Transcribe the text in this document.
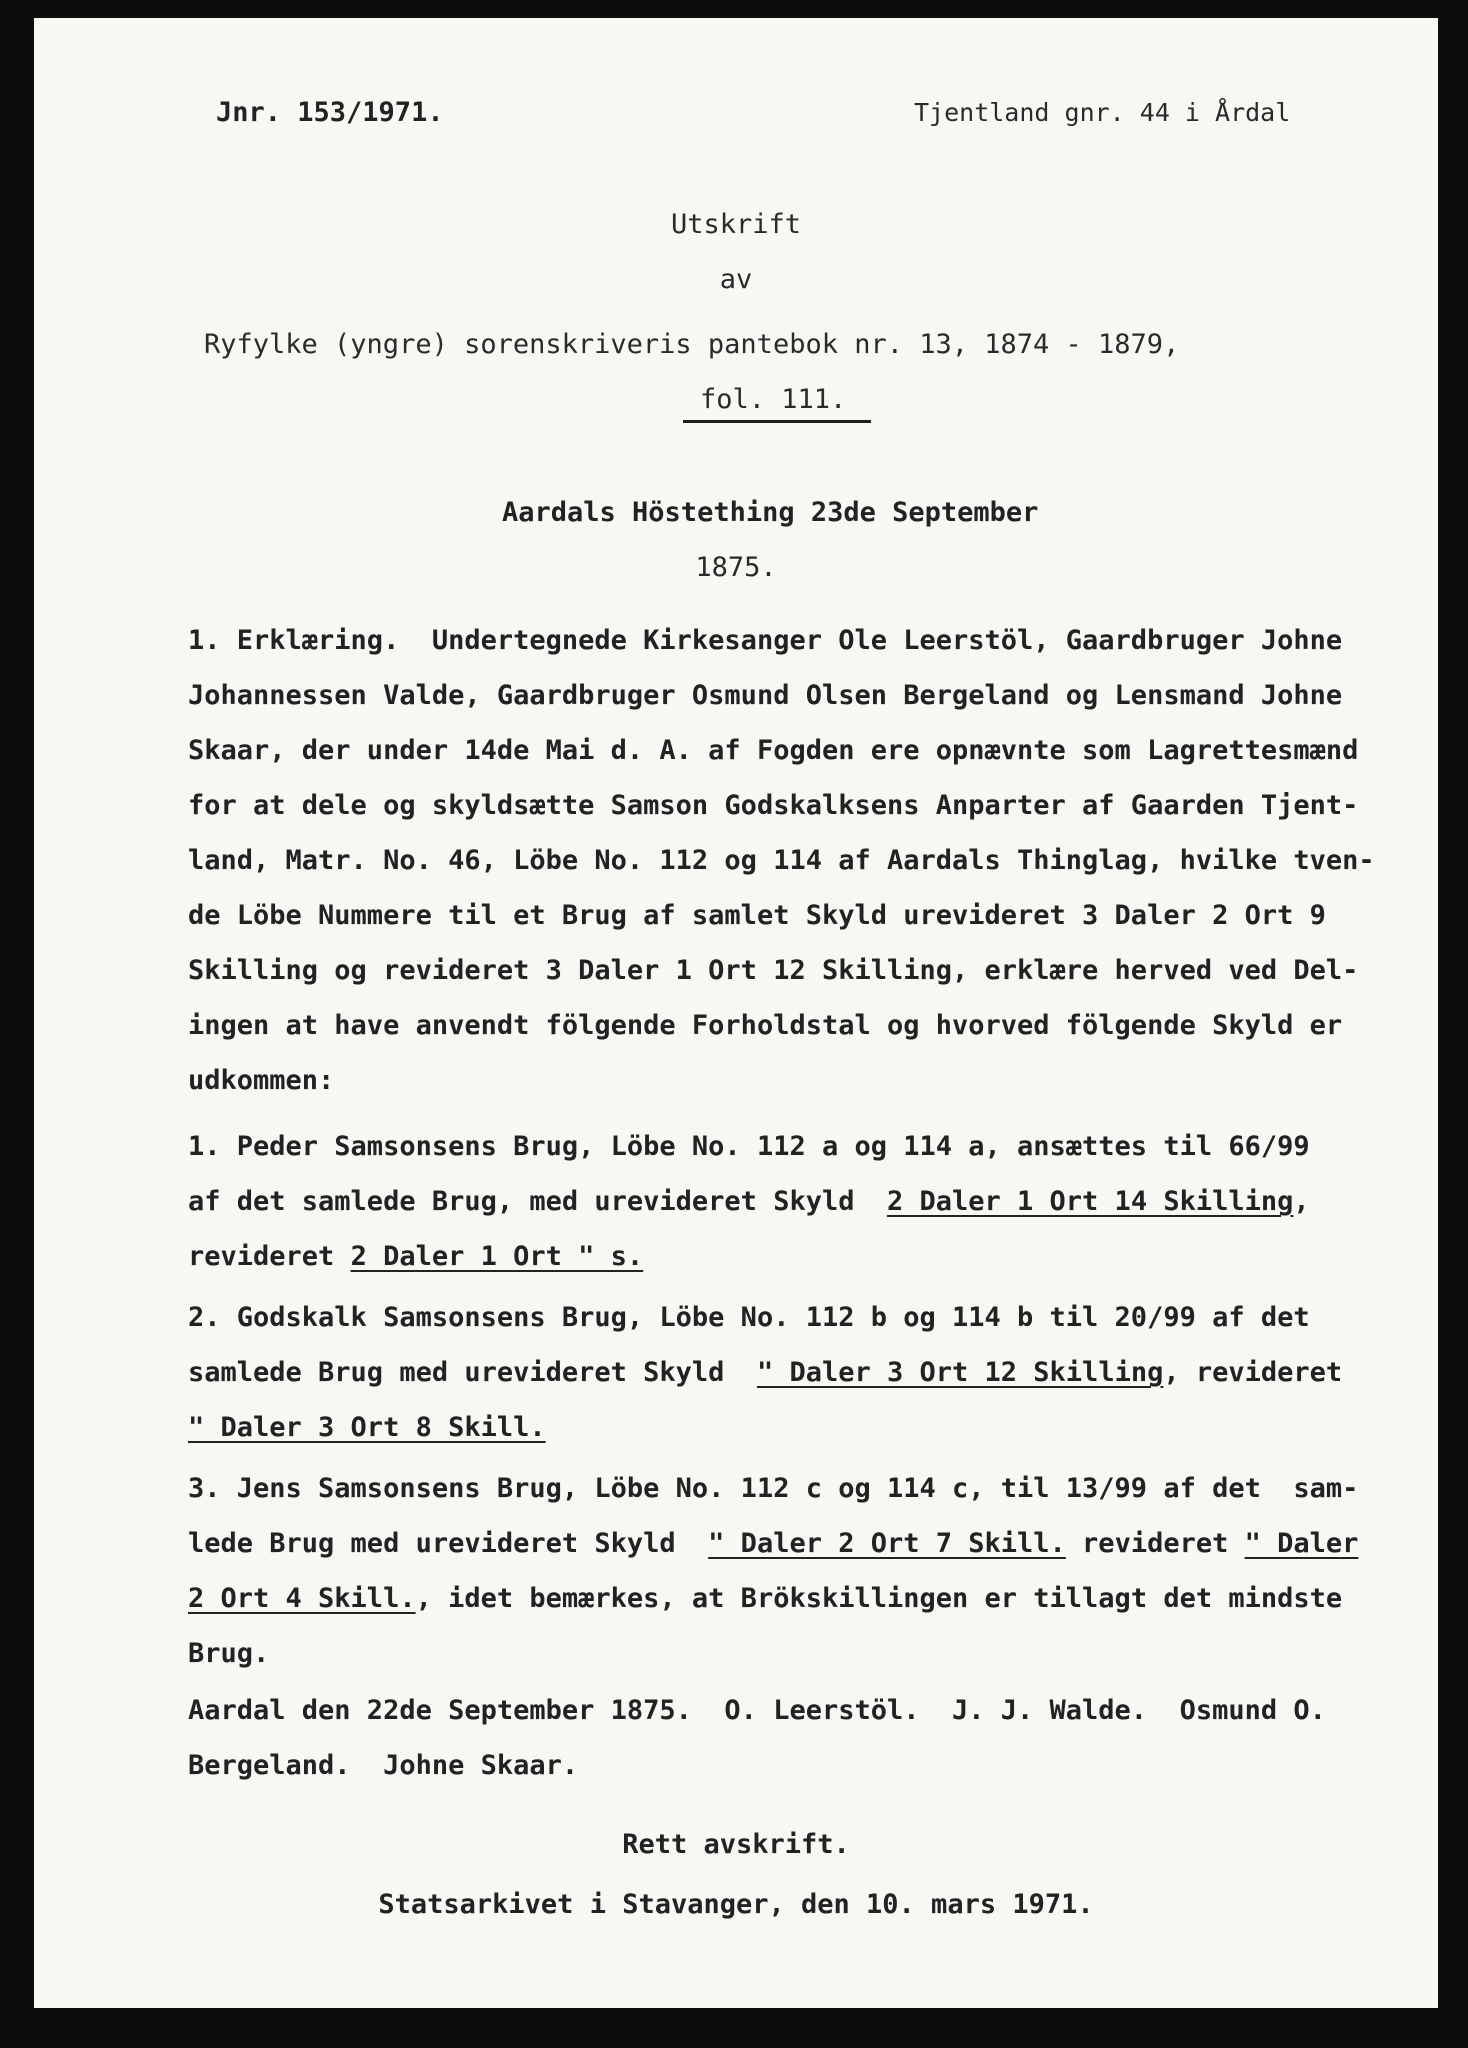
Jnr. 153/1971.	Tjentland gnr. 44 i Årdal
Utskrift
av
Ryfylke (yngre) sorenskriveris pantebok nr. 13, 1874 - 1879,
fol. 111.
Aardals Höstething 23de September
1875.
1. Erklæring.  Undertegnede Kirkesanger Ole Leerstöl, Gaardbruger Johne
Johannessen Valde, Gaardbruger Osmund Olsen Bergeland og Lensmand Johne
Skaar, der under 14de Mai d. A. af Fogden ere opnævnte som Lagrettesmænd
for at dele og skyldsætte Samson Godskalksens Anparter af Gaarden Tjent-
land, Matr. No. 46, Löbe No. 112 og 114 af Aardals Thinglag, hvilke tven-
de Löbe Nummere til et Brug af samlet Skyld urevideret 3 Daler 2 Ort 9
Skilling og revideret 3 Daler 1 Ort 12 Skilling, erklære herved ved Del-
ingen at have anvendt fölgende Forholdstal og hvorved fölgende Skyld er
udkommen:
1. Peder Samsonsens Brug, Löbe No. 112 a og 114 a, ansættes til 66/99
af det samlede Brug, med urevideret Skyld  2 Daler 1 Ort 14 Skilling,
revideret 2 Daler 1 Ort " s.
2. Godskalk Samsonsens Brug, Löbe No. 112 b og 114 b til 20/99 af det
samlede Brug med urevideret Skyld  " Daler 3 Ort 12 Skilling, revideret
" Daler 3 Ort 8 Skill.
3. Jens Samsonsens Brug, Löbe No. 112 c og 114 c, til 13/99 af det  sam-
lede Brug med urevideret Skyld  " Daler 2 Ort 7 Skill. revideret " Daler
2 Ort 4 Skill., idet bemærkes, at Brökskillingen er tillagt det mindste
Brug.
Aardal den 22de September 1875.  O. Leerstöl.  J. J. Walde.  Osmund O.
Bergeland.  Johne Skaar.
Rett avskrift.
Statsarkivet i Stavanger, den 10. mars 1971.
